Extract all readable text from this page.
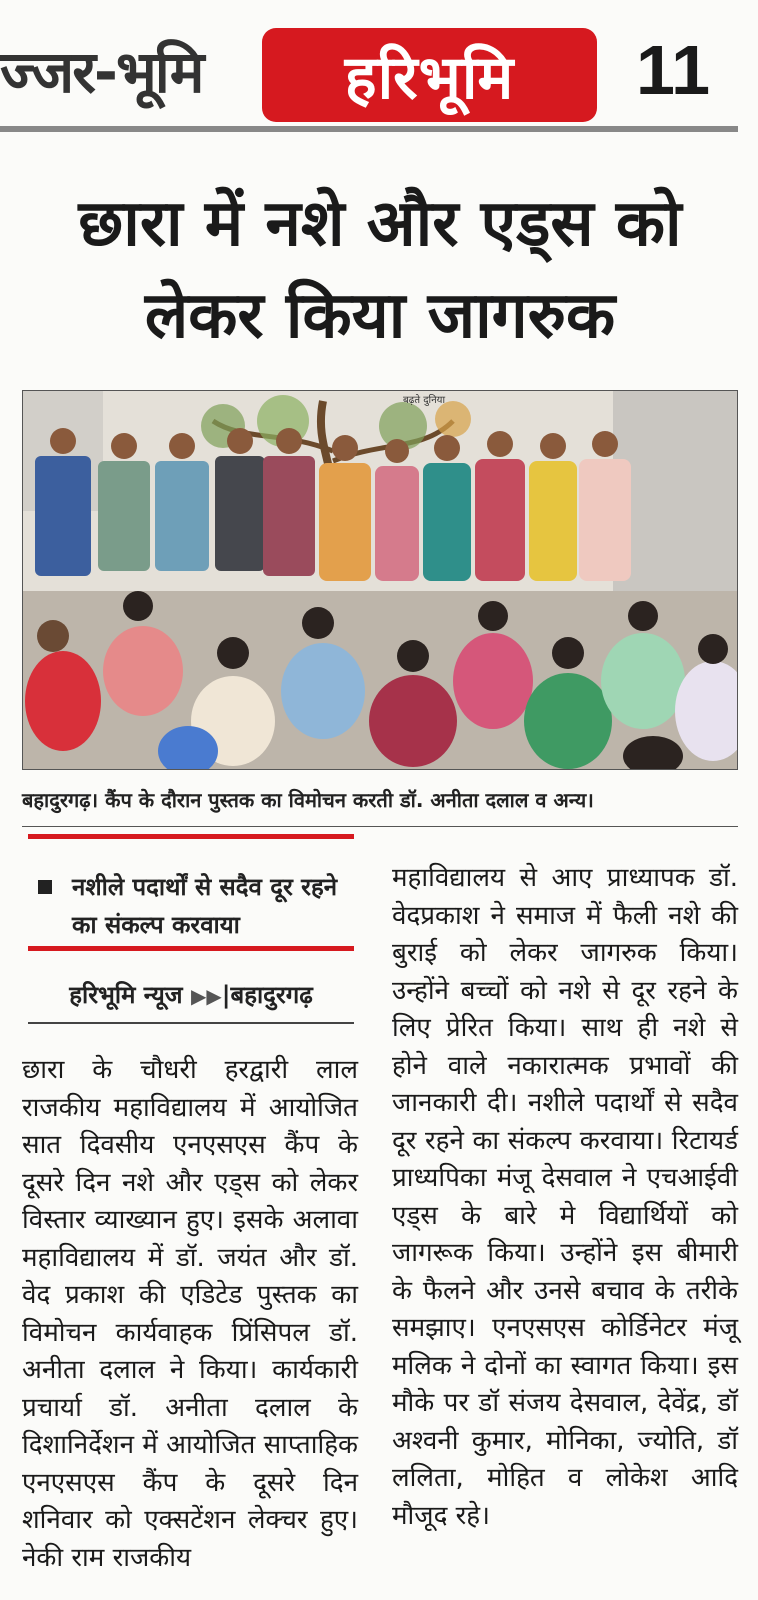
ज्जर-भूमि	हरिभूमि	11
छारा में नशे और एड्स को
लेकर किया जागरुक
बढ़ते दुनिया
बहादुरगढ़। कैंप के दौरान पुस्तक का विमोचन करती डॉ. अनीता दलाल व अन्य।
नशीले पदार्थों से सदैव दूर रहने का संकल्प करवाया
हरिभूमि न्यूज ▶▶|बहादुरगढ़

छारा के चौधरी हरद्वारी लाल राजकीय महाविद्यालय में आयोजित सात दिवसीय एनएसएस कैंप के दूसरे दिन नशे और एड्स को लेकर विस्तार व्याख्यान हुए। इसके अलावा महाविद्यालय में डॉ. जयंत और डॉ. वेद प्रकाश की एडिटेड पुस्तक का विमोचन कार्यवाहक प्रिंसिपल डॉ. अनीता दलाल ने किया। कार्यकारी प्रचार्या डॉ. अनीता दलाल के दिशानिर्देशन में आयोजित साप्ताहिक एनएसएस कैंप के दूसरे दिन शनिवार को एक्सटेंशन लेक्चर हुए। नेकी राम राजकीय

महाविद्यालय से आए प्राध्यापक डॉ. वेदप्रकाश ने समाज में फैली नशे की बुराई को लेकर जागरुक किया। उन्होंने बच्चों को नशे से दूर रहने के लिए प्रेरित किया। साथ ही नशे से होने वाले नकारात्मक प्रभावों की जानकारी दी। नशीले पदार्थों से सदैव दूर रहने का संकल्प करवाया। रिटायर्ड प्राध्यपिका मंजू देसवाल ने एचआईवी एड्स के बारे मे विद्यार्थियों को जागरूक किया। उन्होंने इस बीमारी के फैलने और उनसे बचाव के तरीके समझाए। एनएसएस कोर्डिनेटर मंजू मलिक ने दोनों का स्वागत किया। इस मौके पर डॉ संजय देसवाल, देवेंद्र, डॉ अश्वनी कुमार, मोनिका, ज्योति, डॉ ललिता, मोहित व लोकेश आदि मौजूद रहे।
